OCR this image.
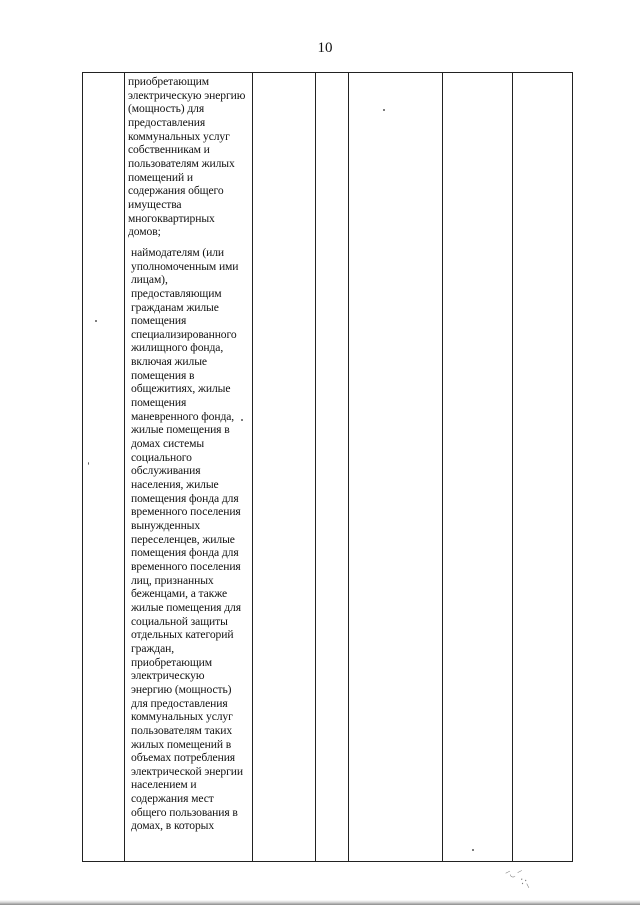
10

приобретающим электрическую энергию (мощность) для предоставления коммунальных услуг собственникам и пользователям жилых помещений и содержания общего имущества многоквартирных домов;

наймодателям (или уполномоченным ими лицам), предоставляющим гражданам жилые помещения специализированного жилищного фонда, включая жилые помещения в общежитиях, жилые помещения маневренного фонда, жилые помещения в домах системы социального обслуживания населения, жилые помещения фонда для временного поселения вынужденных переселенцев, жилые помещения фонда для временного поселения лиц, признанных беженцами, а также жилые помещения для социальной защиты отдельных категорий граждан, приобретающим электрическую энергию (мощность) для предоставления коммунальных услуг пользователям таких жилых помещений в объемах потребления электрической энергии населением и содержания мест общего пользования в домах, в которых

⸝‿⸍
∵⸜
